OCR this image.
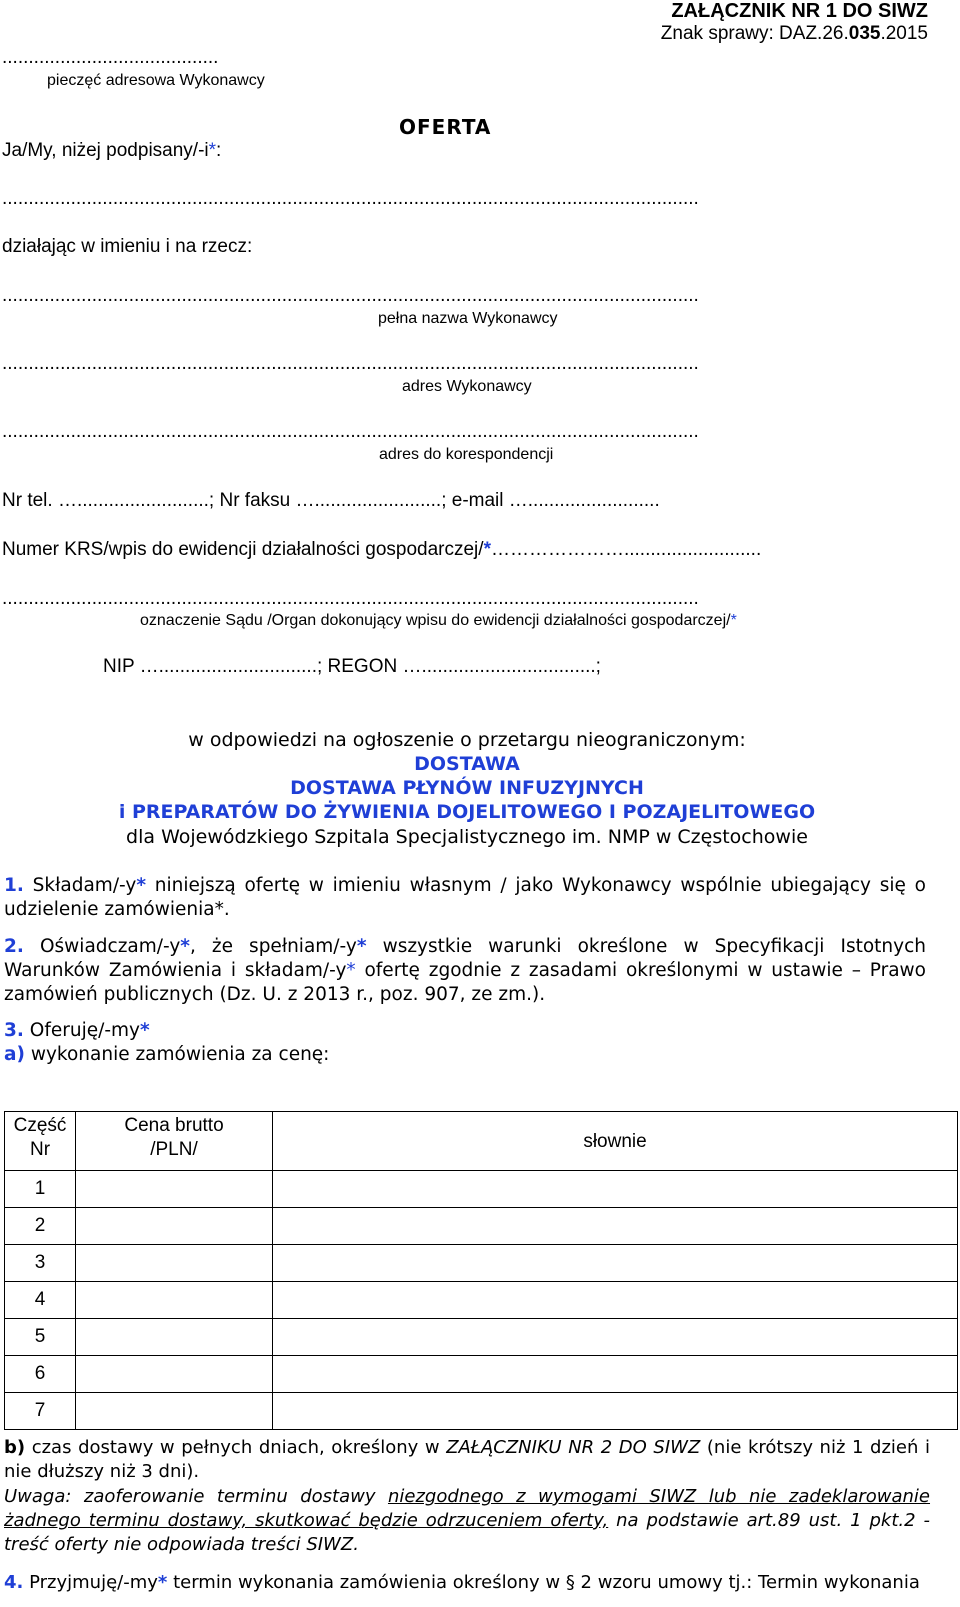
ZAŁĄCZNIK NR 1 DO SIWZ
Znak sprawy: DAZ.26.035.2015
.........................................
pieczęć adresowa Wykonawcy
OFERTA
Ja/My, niżej podpisany/-i*:
....................................................................................................................................
działając w imieniu i na rzecz:
....................................................................................................................................
pełna nazwa Wykonawcy
....................................................................................................................................
adres Wykonawcy
....................................................................................................................................
adres do korespondencji
Nr tel. ….........................; Nr faksu …........................; e-mail ….........................
Numer KRS/wpis do ewidencji działalności gospodarczej/*…………………..........................
....................................................................................................................................
oznaczenie Sądu /Organ dokonujący wpisu do ewidencji działalności gospodarczej/*
NIP …..............................; REGON ….................................;
w odpowiedzi na ogłoszenie o przetargu nieograniczonym:
DOSTAWA
DOSTAWA PŁYNÓW INFUZYJNYCH
i PREPARATÓW DO ŻYWIENIA DOJELITOWEGO I POZAJELITOWEGO
dla Wojewódzkiego Szpitala Specjalistycznego im. NMP w Częstochowie
1. Składam/-y* niniejszą ofertę w imieniu własnym / jako Wykonawcy wspólnie ubiegający się o udzielenie zamówienia*.
2. Oświadczam/-y*, że spełniam/-y* wszystkie warunki określone w Specyfikacji Istotnych Warunków Zamówienia i składam/-y* ofertę zgodnie z zasadami określonymi w ustawie – Prawo zamówień publicznych (Dz. U. z 2013 r., poz. 907, ze zm.).
3. Oferuję/-my*
a) wykonanie zamówienia za cenę:
Część Nr	Cena brutto /PLN/	słownie
1		
2		
3		
4		
5		
6		
7		
b) czas dostawy w pełnych dniach, określony w ZAŁĄCZNIKU NR 2 DO SIWZ (nie krótszy niż 1 dzień i nie dłuższy niż 3 dni).
Uwaga: zaoferowanie terminu dostawy niezgodnego z wymogami SIWZ lub nie zadeklarowanie żadnego terminu dostawy, skutkować będzie odrzuceniem oferty, na podstawie art.89 ust. 1 pkt.2 - treść oferty nie odpowiada treści SIWZ.
4. Przyjmuję/-my* termin wykonania zamówienia określony w § 2 wzoru umowy tj.: Termin wykonania
